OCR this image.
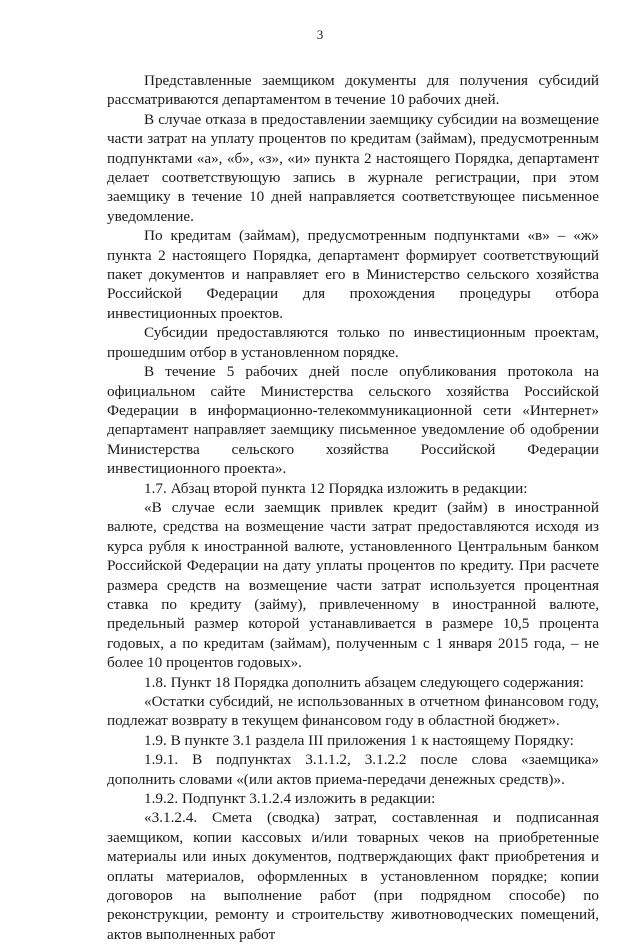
3

Представленные заемщиком документы для получения субсидий рассматриваются департаментом в течение 10 рабочих дней.

В случае отказа в предоставлении заемщику субсидии на возмещение части затрат на уплату процентов по кредитам (займам), предусмотренным подпунктами «а», «б», «з», «и» пункта 2 настоящего Порядка, департамент делает соответствующую запись в журнале регистрации, при этом заемщику в течение 10 дней направляется соответствующее письменное уведомление.

По кредитам (займам), предусмотренным подпунктами «в» – «ж» пункта 2 настоящего Порядка, департамент формирует соответствующий пакет документов и направляет его в Министерство сельского хозяйства Российской Федерации для прохождения процедуры отбора инвестиционных проектов.

Субсидии предоставляются только по инвестиционным проектам, прошедшим отбор в установленном порядке.

В течение 5 рабочих дней после опубликования протокола на официальном сайте Министерства сельского хозяйства Российской Федерации в информационно-телекоммуникационной сети «Интернет» департамент направляет заемщику письменное уведомление об одобрении Министерства сельского хозяйства Российской Федерации инвестиционного проекта».

1.7. Абзац второй пункта 12 Порядка изложить в редакции:

«В случае если заемщик привлек кредит (займ) в иностранной валюте, средства на возмещение части затрат предоставляются исходя из курса рубля к иностранной валюте, установленного Центральным банком Российской Федерации на дату уплаты процентов по кредиту. При расчете размера средств на возмещение части затрат используется процентная ставка по кредиту (займу), привлеченному в иностранной валюте, предельный размер которой устанавливается в размере 10,5 процента годовых, а по кредитам (займам), полученным с 1 января 2015 года, – не более 10 процентов годовых».

1.8. Пункт 18 Порядка дополнить абзацем следующего содержания:

«Остатки субсидий, не использованных в отчетном финансовом году, подлежат возврату в текущем финансовом году в областной бюджет».

1.9. В пункте 3.1 раздела III приложения 1 к настоящему Порядку:

1.9.1. В подпунктах 3.1.1.2, 3.1.2.2 после слова «заемщика» дополнить словами «(или актов приема-передачи денежных средств)».

1.9.2. Подпункт 3.1.2.4 изложить в редакции:

«3.1.2.4. Смета (сводка) затрат, составленная и подписанная заемщиком, копии кассовых и/или товарных чеков на приобретенные материалы или иных документов, подтверждающих факт приобретения и оплаты материалов, оформленных в установленном порядке; копии договоров на выполнение работ (при подрядном способе) по реконструкции, ремонту и строительству животноводческих помещений, актов выполненных работ
